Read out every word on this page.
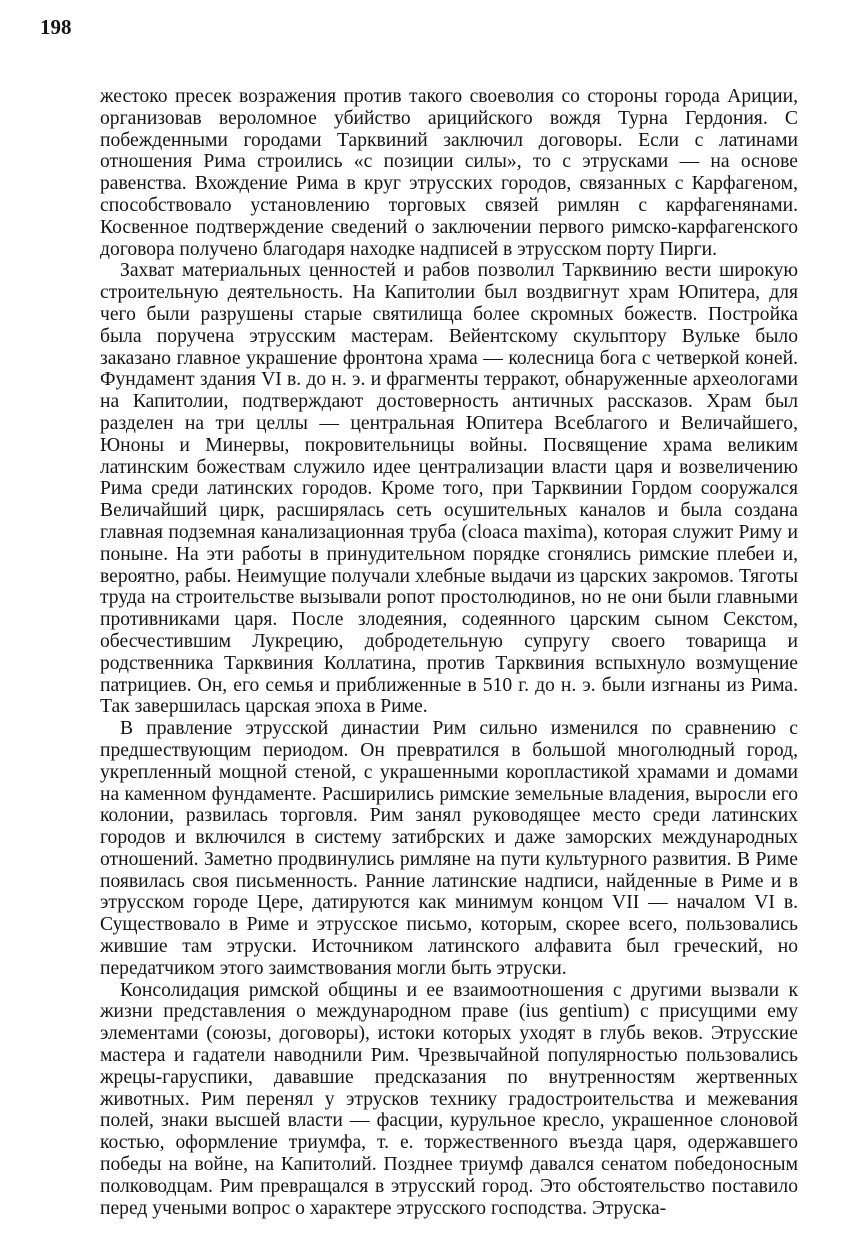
198

жестоко пресек возражения против такого своеволия со стороны города Ариции, организовав вероломное убийство арицийского вождя Турна Гердония. С побежденными городами Тарквиний заключил договоры. Если с латинами отношения Рима строились «с позиции силы», то с этрусками — на основе равенства. Вхождение Рима в круг этрусских городов, связанных с Карфагеном, способствовало установлению торговых связей римлян с карфагенянами. Косвенное подтверждение сведений о заключении первого римско-карфагенского договора получено благодаря находке надписей в этрусском порту Пирги.

Захват материальных ценностей и рабов позволил Тарквинию вести широкую строительную деятельность. На Капитолии был воздвигнут храм Юпитера, для чего были разрушены старые святилища более скромных божеств. Постройка была поручена этрусским мастерам. Вейентскому скульптору Вульке было заказано главное украшение фронтона храма — колесница бога с четверкой коней. Фундамент здания VI в. до н. э. и фрагменты терракот, обнаруженные археологами на Капитолии, подтверждают достоверность античных рассказов. Храм был разделен на три целлы — центральная Юпитера Всеблагого и Величайшего, Юноны и Минервы, покровительницы войны. Посвящение храма великим латинским божествам служило идее централизации власти царя и возвеличению Рима среди латинских городов. Кроме того, при Тарквинии Гордом сооружался Величайший цирк, расширялась сеть осушительных каналов и была создана главная подземная канализационная труба (cloaca maxima), которая служит Риму и поныне. На эти работы в принудительном порядке сгонялись римские плебеи и, вероятно, рабы. Неимущие получали хлебные выдачи из царских закромов. Тяготы труда на строительстве вызывали ропот простолюдинов, но не они были главными противниками царя. После злодеяния, содеянного царским сыном Секстом, обесчестившим Лукрецию, добродетельную супругу своего товарища и родственника Тарквиния Коллатина, против Тарквиния вспыхнуло возмущение патрициев. Он, его семья и приближенные в 510 г. до н. э. были изгнаны из Рима. Так завершилась царская эпоха в Риме.

В правление этрусской династии Рим сильно изменился по сравнению с предшествующим периодом. Он превратился в большой многолюдный город, укрепленный мощной стеной, с украшенными коропластикой храмами и домами на каменном фундаменте. Расширились римские земельные владения, выросли его колонии, развилась торговля. Рим занял руководящее место среди латинских городов и включился в систему затибрских и даже заморских международных отношений. Заметно продвинулись римляне на пути культурного развития. В Риме появилась своя письменность. Ранние латинские надписи, найденные в Риме и в этрусском городе Цере, датируются как минимум концом VII — началом VI в. Существовало в Риме и этрусское письмо, которым, скорее всего, пользовались жившие там этруски. Источником латинского алфавита был греческий, но передатчиком этого заимствования могли быть этруски.

Консолидация римской общины и ее взаимоотношения с другими вызвали к жизни представления о международном праве (ius gentium) с присущими ему элементами (союзы, договоры), истоки которых уходят в глубь веков. Этрусские мастера и гадатели наводнили Рим. Чрезвычайной популярностью пользовались жрецы-гаруспики, дававшие предсказания по внутренностям жертвенных животных. Рим перенял у этрусков технику градостроительства и межевания полей, знаки высшей власти — фасции, курульное кресло, украшенное слоновой костью, оформление триумфа, т. е. торжественного въезда царя, одержавшего победы на войне, на Капитолий. Позднее триумф давался сенатом победоносным полководцам. Рим превращался в этрусский город. Это обстоятельство поставило перед учеными вопрос о характере этрусского господства. Этруска-
